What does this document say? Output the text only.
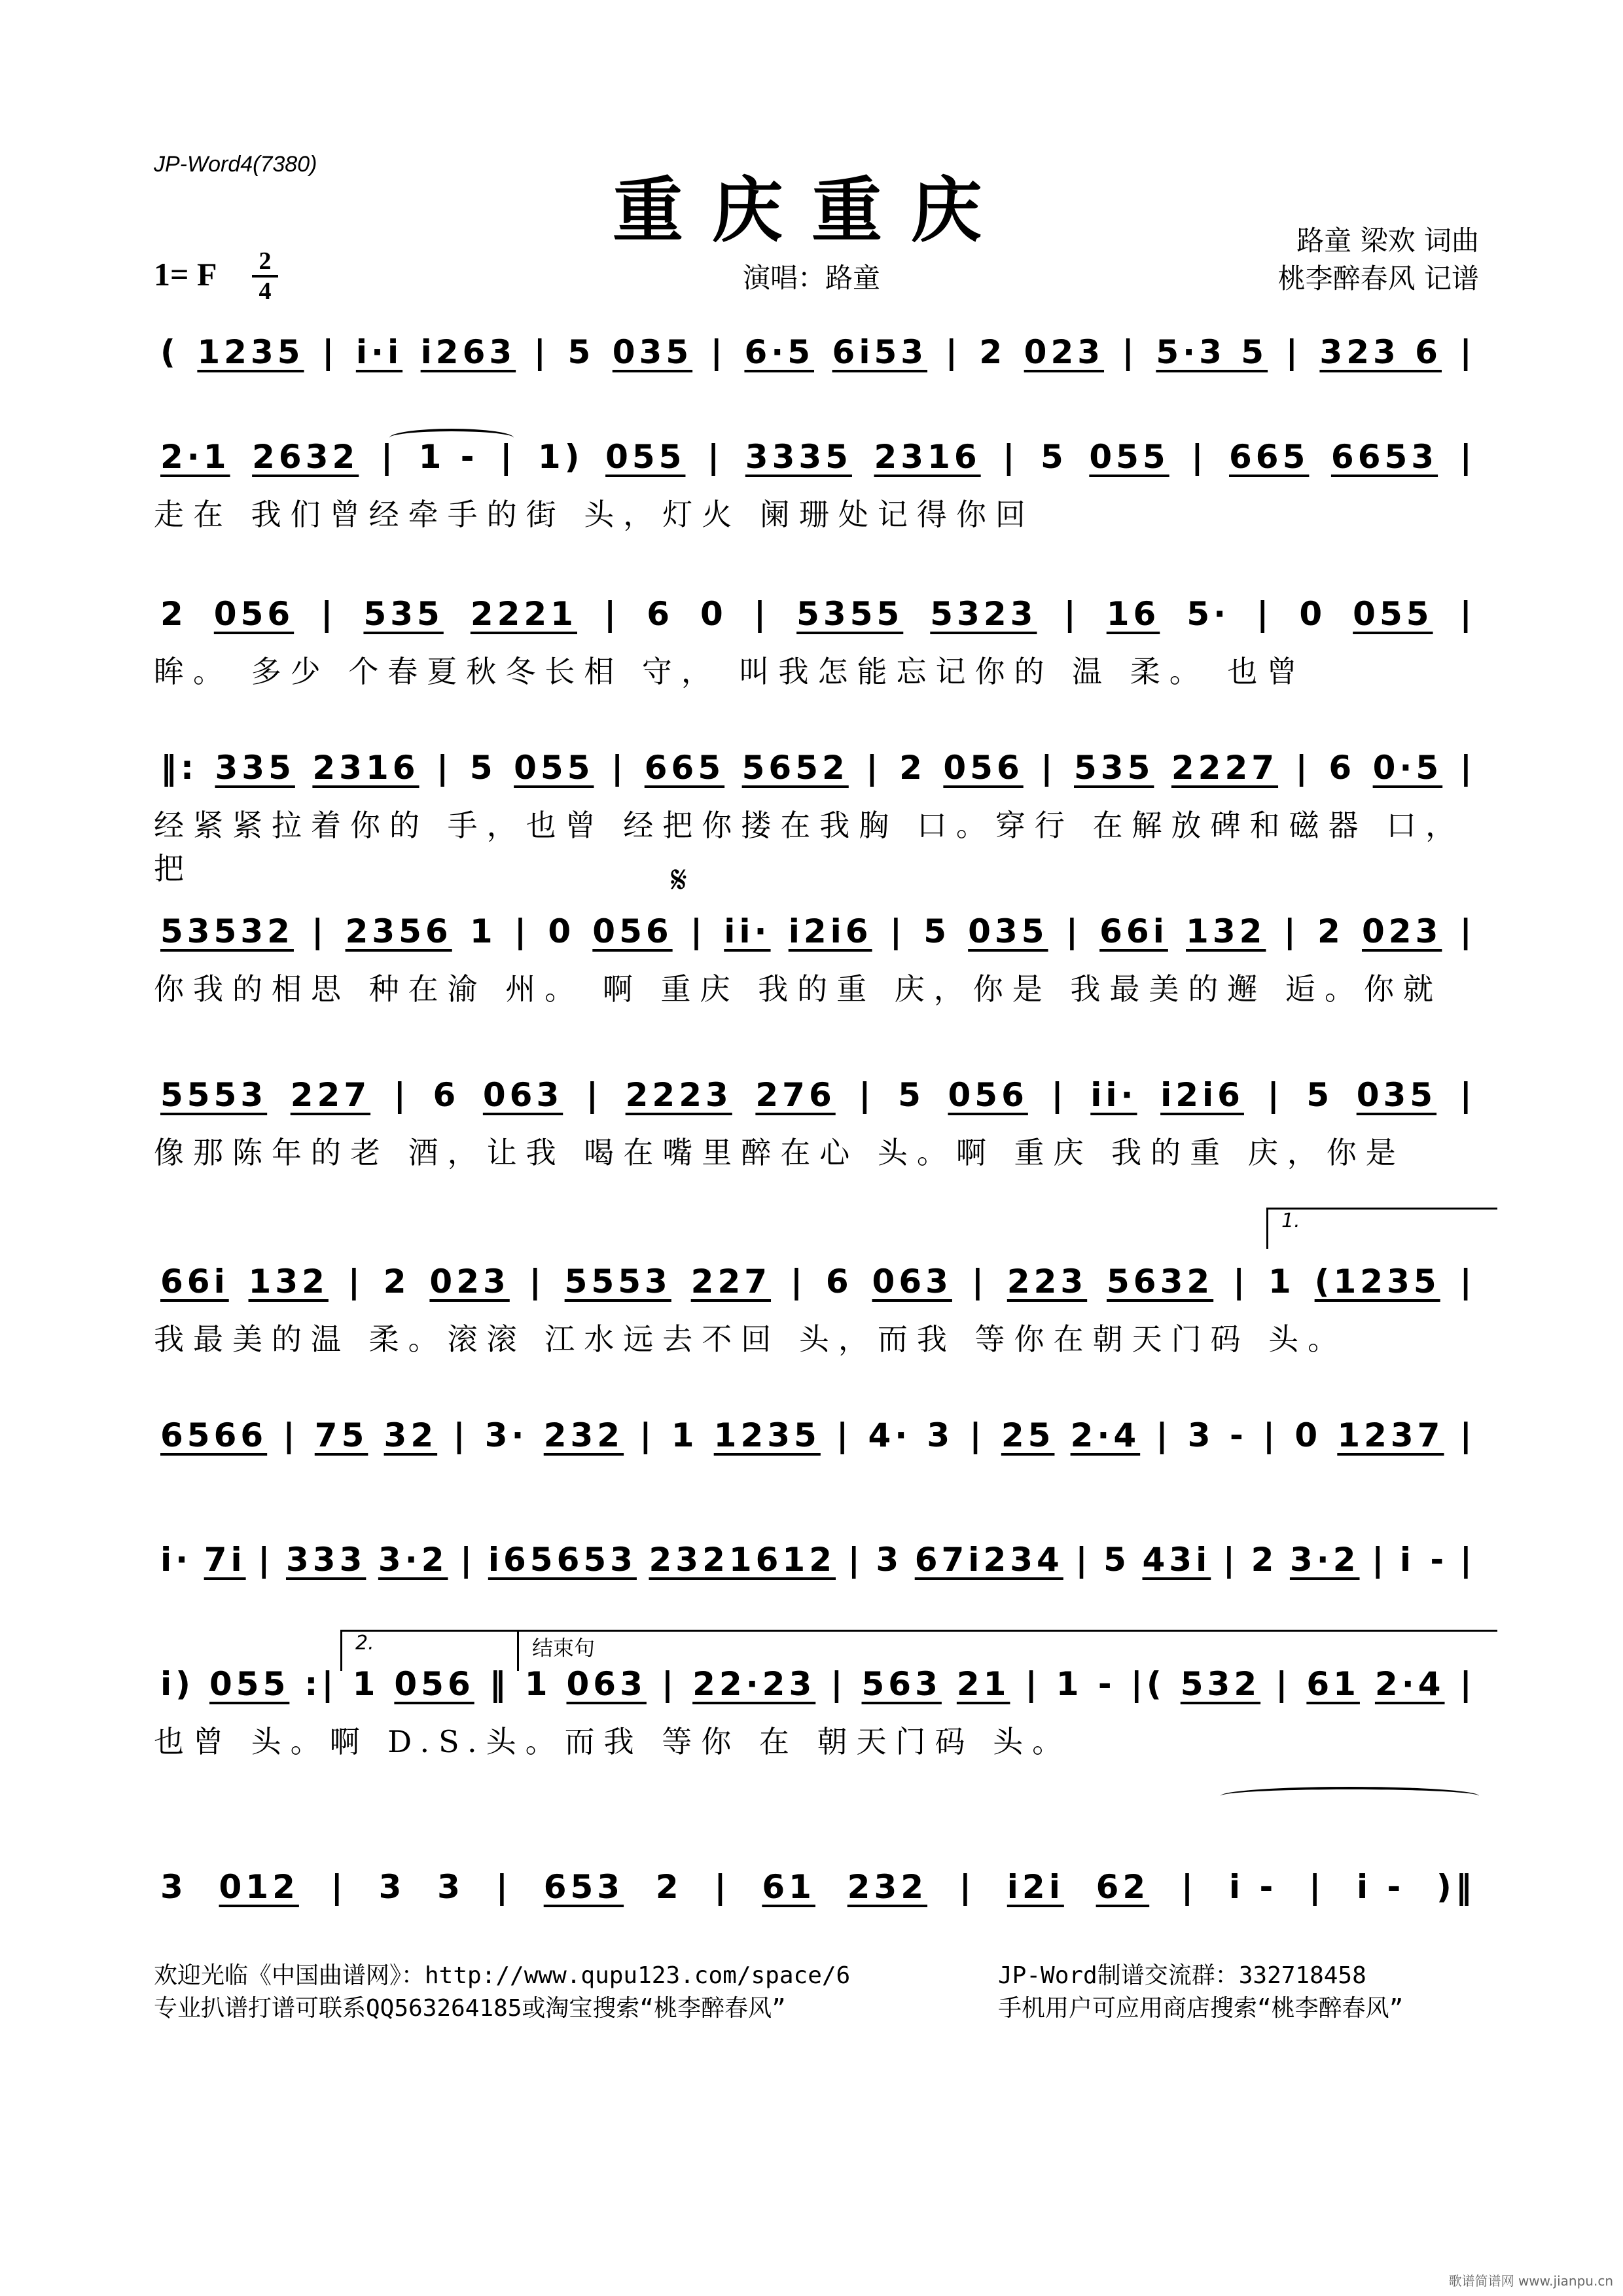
JP-Word4(7380)
重庆重庆
1= F 2
4	演唱：路童
路童 梁欢 词曲
桃李醉春风 记谱
( 1235 | i·i i263 | 5 035 | 6·5 6i53 | 2 023 | 5·3 5 | 323 6 |
2·1 2632 | 1 - | 1) 055 | 3335 2316 | 5 055 | 665 6653 |
走在 我们曾经牵手的街 头，灯火 阑珊处记得你回
2 056 | 535 2221 | 6 0 | 5355 5323 | 16 5· | 0 055 |
眸。 多少 个春夏秋冬长相 守， 叫我怎能忘记你的 温 柔。 也曾
‖: 335 2316 | 5 055 | 665 5652 | 2 056 | 535 2227 | 6 0·5 |
经紧紧拉着你的 手，也曾 经把你搂在我胸 口。穿行 在解放碑和磁器 口，把
53532 | 2356 1 | 0 056 | ii· i2i6 | 5 035 | 66i 132 | 2 023 |
你我的相思 种在渝 州。 啊 重庆 我的重 庆，你是 我最美的邂 逅。你就
5553 227 | 6 063 | 2223 276 | 5 056 | ii· i2i6 | 5 035 |
像那陈年的老 酒，让我 喝在嘴里醉在心 头。啊 重庆 我的重 庆，你是
66i 132 | 2 023 | 5553 227 | 6 063 | 223 5632 | 1 (1235 |
我最美的温 柔。滚滚 江水远去不回 头，而我 等你在朝天门码 头。
6566 | 75 32 | 3· 232 | 1 1235 | 4· 3 | 25 2·4 | 3 - | 0 1237 |
i· 7i | 333 3·2 | i65653 2321612 | 3 67i234 | 5 43i | 2 3·2 | i - |
i) 055 :| 1 056 ‖ 1 063 | 22·23 | 563 21 | 1 - |( 532 | 61 2·4 |
也曾 头。啊 D.S.头。而我 等你 在 朝天门码 头。
3 012 | 3 3 | 653 2 | 61 232 | i2i 62 | i - | i - )‖
1.
2.	结束句
𝄋
欢迎光临《中国曲谱网》：http://www.qupu123.com/space/6
专业扒谱打谱可联系QQ563264185或淘宝搜索“桃李醉春风”
JP-Word制谱交流群：332718458
手机用户可应用商店搜索“桃李醉春风”
歌谱简谱网 www.jianpu.cn
